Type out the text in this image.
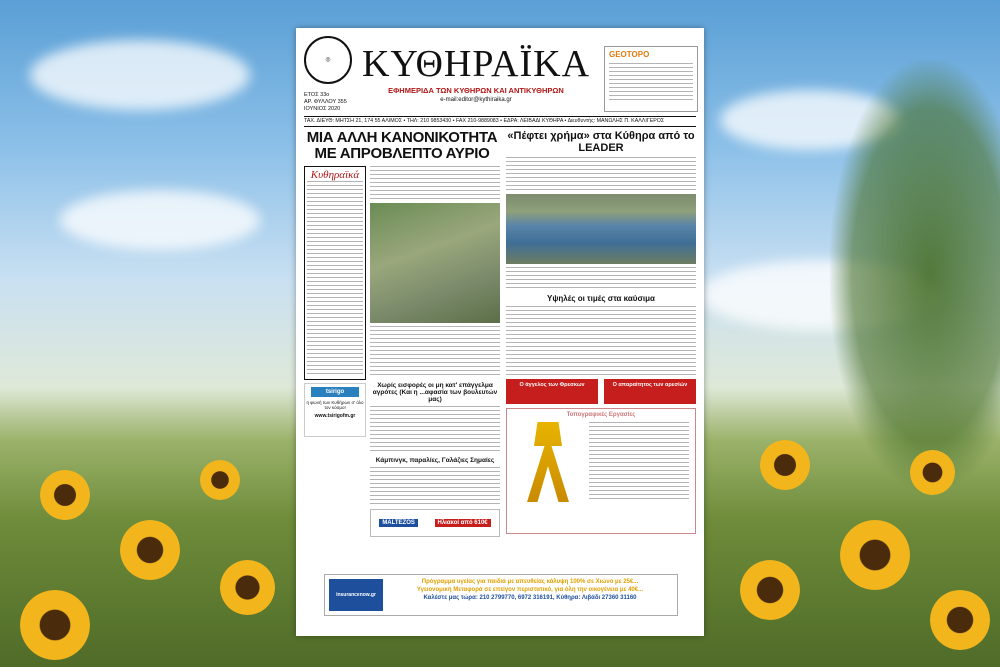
◎
ΕΤΟΣ 33ο
ΑΡ. ΦΥΛΛΟΥ 355
ΙΟΥΝΙΟΣ 2020
ΚΥΘΗΡΑΪΚΑ
ΕΦΗΜΕΡΙΔΑ ΤΩΝ ΚΥΘΗΡΩΝ ΚΑΙ ΑΝΤΙΚΥΘΗΡΩΝ
e-mail:editor@kythiraika.gr
GEOTOPO
ΤΑΧ. ΔΙΕΥΘ: ΜΗΤΣΗ 21, 174 55 ΑΛΙΜΟΣ • ΤΗΛ: 210 9853430 • FAX 210-9889083 • ΕΔΡΑ: ΛΕΙΒΑΔΙ ΚΥΘΗΡΑ • Διευθυντής: ΜΑΝΩΛΗΣ Π. ΚΑΛΛΙΓΕΡΟΣ
ΜΙΑ ΑΛΛΗ ΚΑΝΟΝΙΚΟΤΗΤΑ ΜΕ ΑΠΡΟΒΛΕΠΤΟ ΑΥΡΙΟ
Κυθηραϊκά
tsirigo
η φωνή των Κυθήρων σ' όλο τον κόσμο!
www.tsirigofm.gr
Χωρίς εισφορές οι μη κατ' επάγγελμα αγρότες (Και η ...αφασία των βουλευτών μας)
Κάμπινγκ, παραλίες, Γαλάζιες Σημαίες
MALTEZOS	Ηλιακοί από 610€
«Πέφτει χρήμα» στα Κύθηρα από το LEADER
Υψηλές οι τιμές στα καύσιμα
Ο άγγελος των Φρεσκων	Ο απαραίτητος των αρεσίών
Τοπογραφικές Εργασίες
insurancenow.gr
Πρόγραμμα υγείας για παιδιά με απευθείας κάλυψη 100% σε Χιώνο με 25€...
Υγειονομική Μεταφορά σε επείγον περιστατικό, για όλη την οικογένεια με 40€...
Καλέστε μας τώρα: 210 2799770, 6972 316191, Κύθηρα: Λιβάδι 27360 31160
